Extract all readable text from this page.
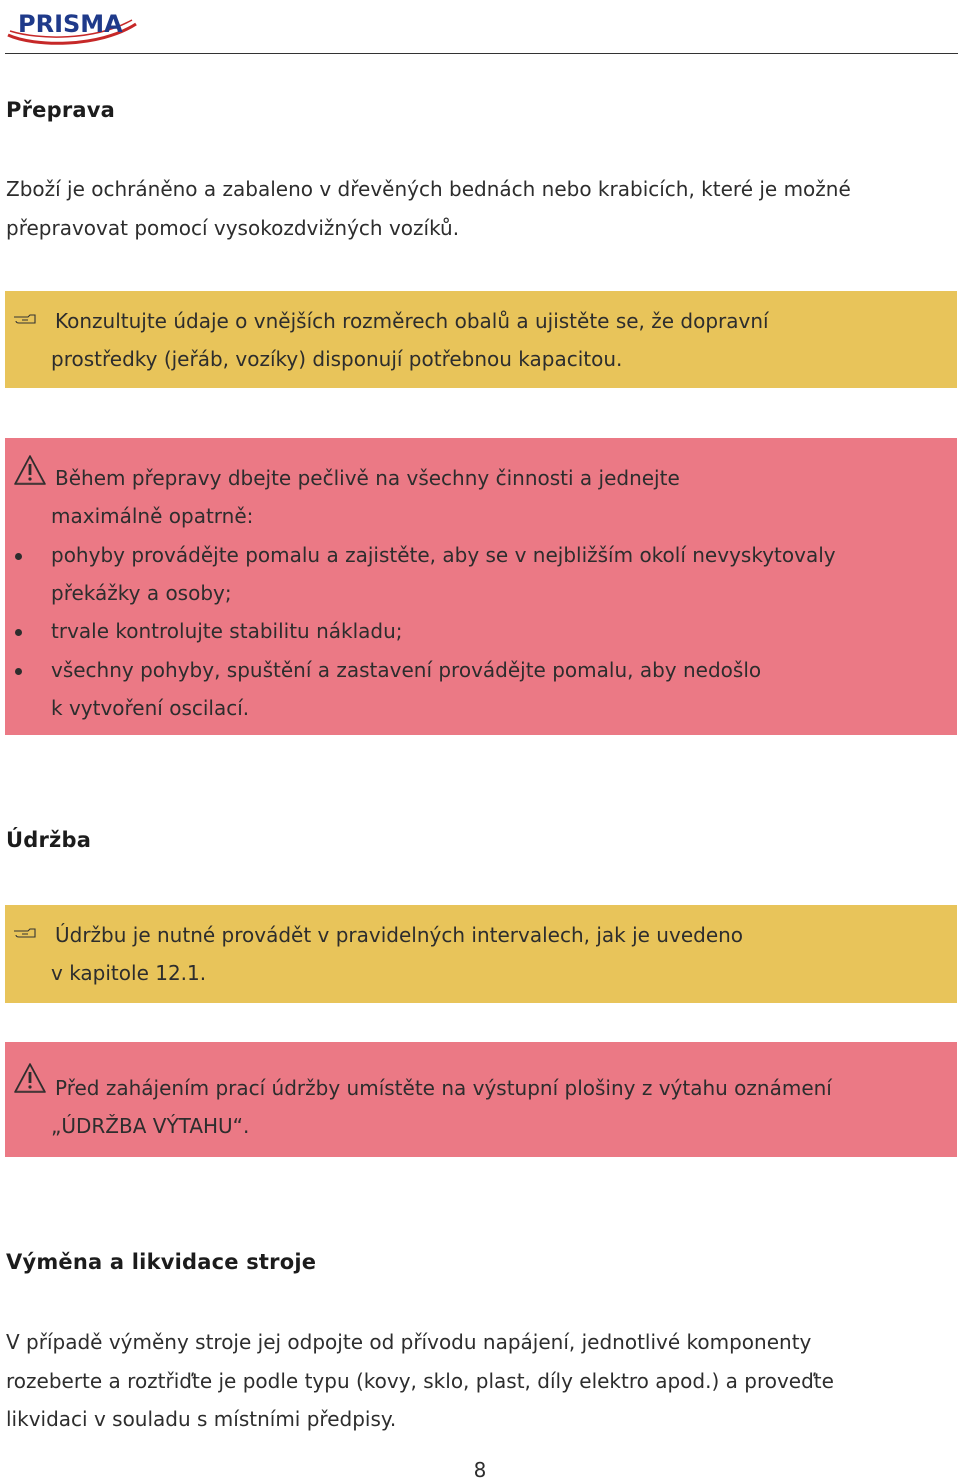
PRISMA
Přeprava
Zboží je ochráněno a zabaleno v dřevěných bednách nebo krabicích, které je možné
přepravovat pomocí vysokozdvižných vozíků.
Konzultujte údaje o vnějších rozměrech obalů a ujistěte se, že dopravní
prostředky (jeřáb, vozíky) disponují potřebnou kapacitou.
Během přepravy dbejte pečlivě na všechny činnosti a jednejte
maximálně opatrně:
pohyby provádějte pomalu a zajistěte, aby se v nejbližším okolí nevyskytovaly
překážky a osoby;
trvale kontrolujte stabilitu nákladu;
všechny pohyby, spuštění a zastavení provádějte pomalu, aby nedošlo
k vytvoření oscilací.
Údržba
Údržbu je nutné provádět v pravidelných intervalech, jak je uvedeno
v kapitole 12.1.
Před zahájením prací údržby umístěte na výstupní plošiny z výtahu oznámení
„ÚDRŽBA VÝTAHU“.
Výměna a likvidace stroje
V případě výměny stroje jej odpojte od přívodu napájení, jednotlivé komponenty
rozeberte a roztřiďte je podle typu (kovy, sklo, plast, díly elektro apod.) a proveďte
likvidaci v souladu s místními předpisy.
8
